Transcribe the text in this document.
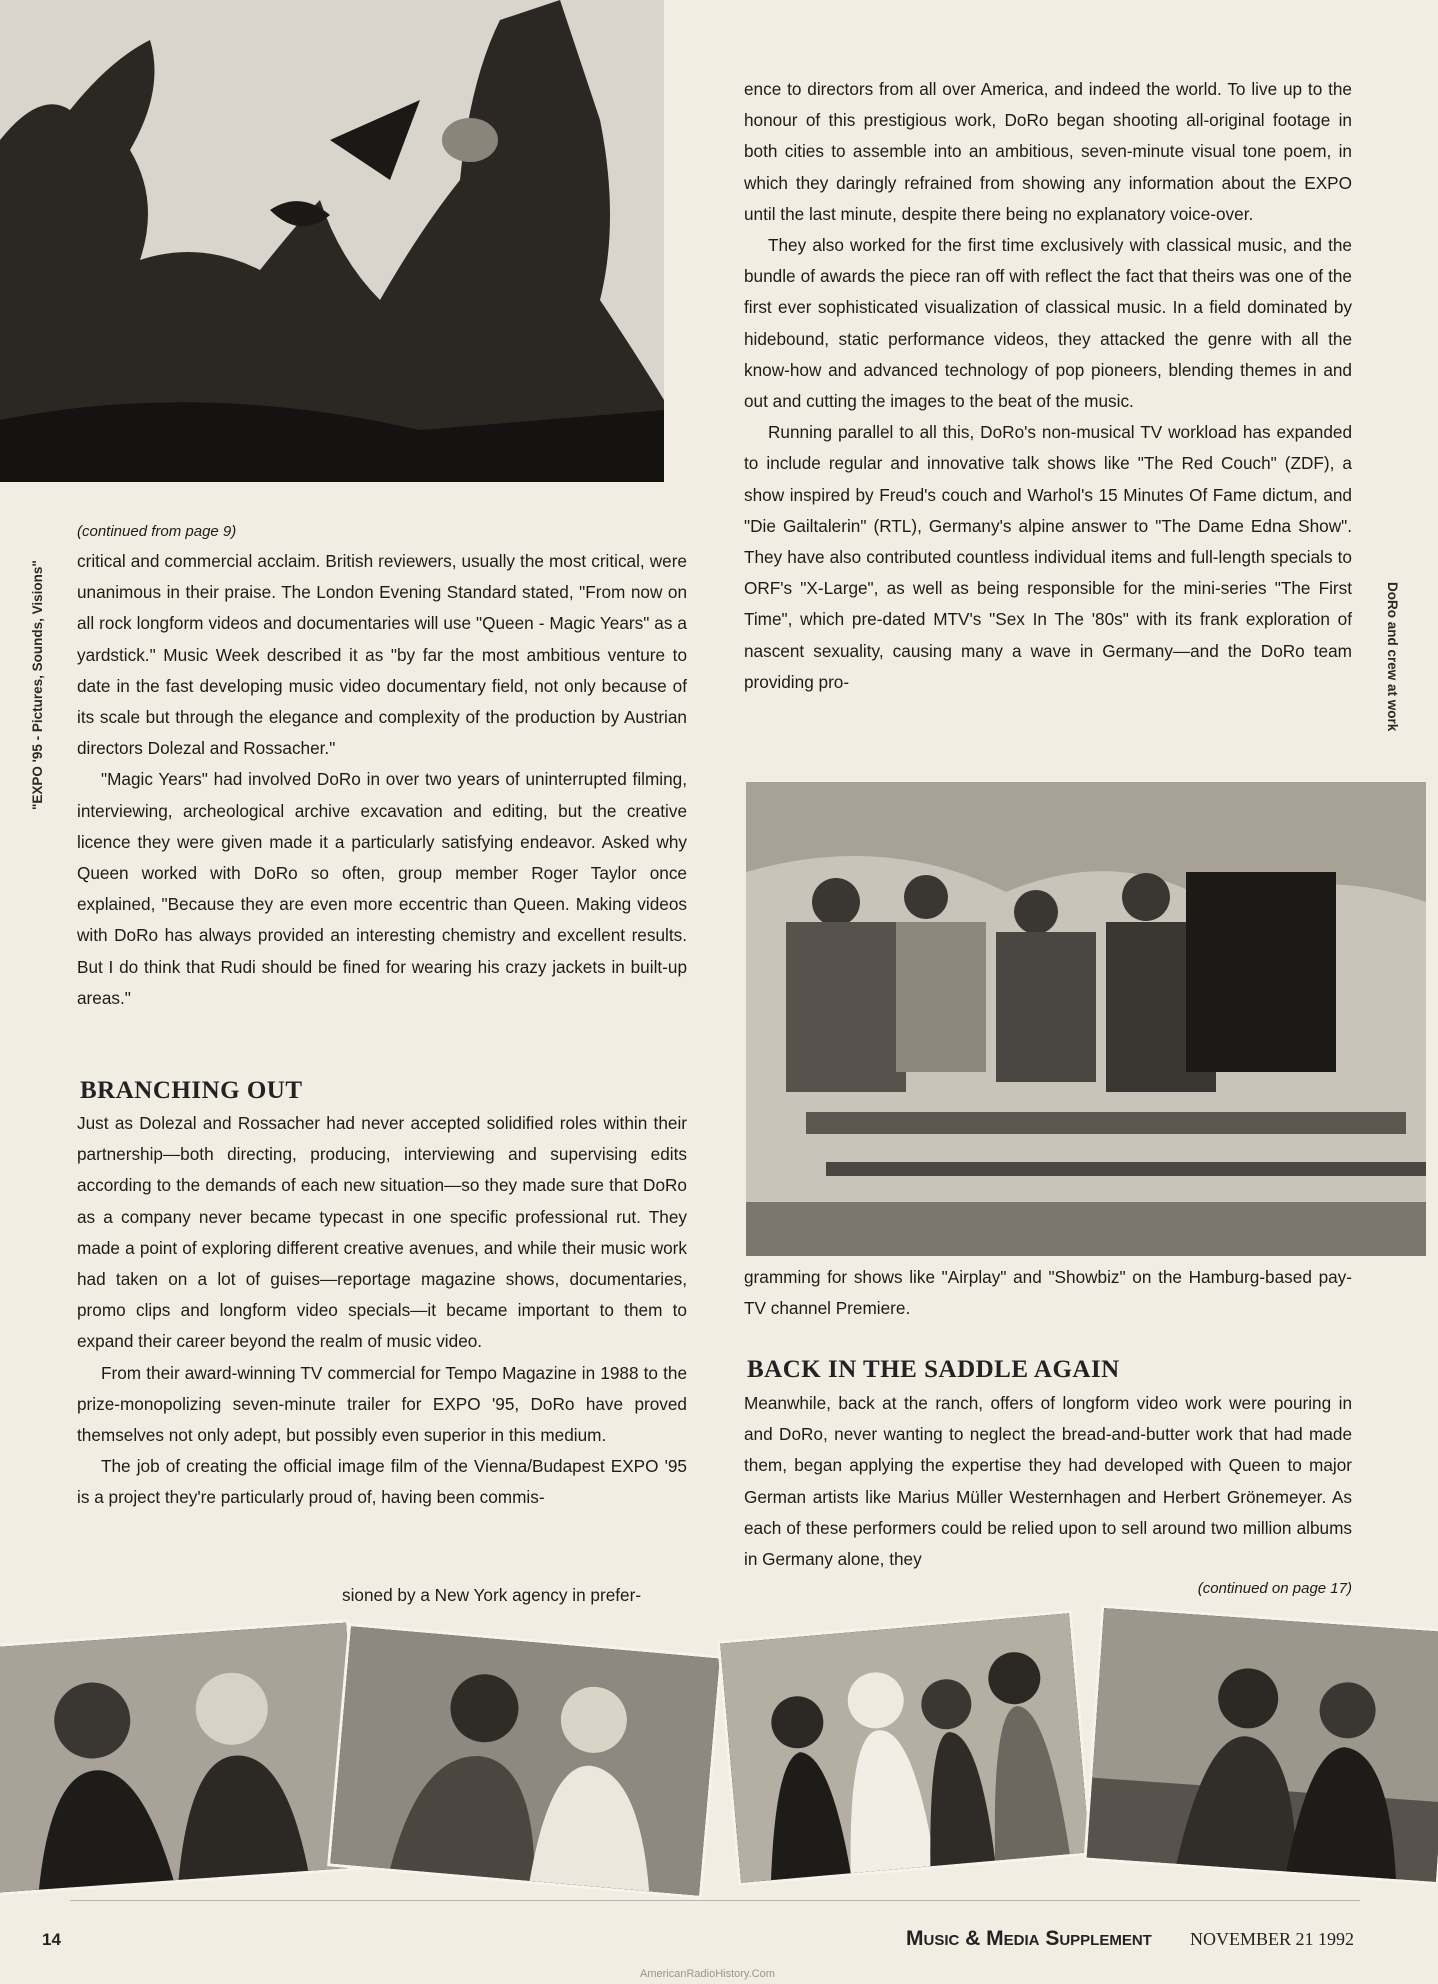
"EXPO '95 - Pictures, Sounds, Visions"

(continued from page 9)

critical and commercial acclaim. British reviewers, usually the most critical, were unanimous in their praise. The London Evening Standard stated, "From now on all rock longform videos and documentaries will use "Queen - Magic Years" as a yardstick." Music Week described it as "by far the most ambitious venture to date in the fast developing music video documentary field, not only because of its scale but through the elegance and complexity of the production by Austrian directors Dolezal and Rossacher."

"Magic Years" had involved DoRo in over two years of uninterrupted filming, interviewing, archeological archive excavation and editing, but the creative licence they were given made it a particularly satisfying endeavor. Asked why Queen worked with DoRo so often, group member Roger Taylor once explained, "Because they are even more eccentric than Queen. Making videos with DoRo has always provided an interesting chemistry and excellent results. But I do think that Rudi should be fined for wearing his crazy jackets in built-up areas."

BRANCHING OUT

Just as Dolezal and Rossacher had never accepted solidified roles within their partnership—both directing, producing, interviewing and supervising edits according to the demands of each new situation—so they made sure that DoRo as a company never became typecast in one specific professional rut. They made a point of exploring different creative avenues, and while their music work had taken on a lot of guises—reportage magazine shows, documentaries, promo clips and longform video specials—it became important to them to expand their career beyond the realm of music video.

From their award-winning TV commercial for Tempo Magazine in 1988 to the prize-monopolizing seven-minute trailer for EXPO '95, DoRo have proved themselves not only adept, but possibly even superior in this medium.

The job of creating the official image film of the Vienna/Budapest EXPO '95 is a project they're particularly proud of, having been commis-

sioned by a New York agency in prefer-

ence to directors from all over America, and indeed the world. To live up to the honour of this prestigious work, DoRo began shooting all-original footage in both cities to assemble into an ambitious, seven-minute visual tone poem, in which they daringly refrained from showing any information about the EXPO until the last minute, despite there being no explanatory voice-over.

They also worked for the first time exclusively with classical music, and the bundle of awards the piece ran off with reflect the fact that theirs was one of the first ever sophisticated visualization of classical music. In a field dominated by hidebound, static performance videos, they attacked the genre with all the know-how and advanced technology of pop pioneers, blending themes in and out and cutting the images to the beat of the music.

Running parallel to all this, DoRo's non-musical TV workload has expanded to include regular and innovative talk shows like "The Red Couch" (ZDF), a show inspired by Freud's couch and Warhol's 15 Minutes Of Fame dictum, and "Die Gailtalerin" (RTL), Germany's alpine answer to "The Dame Edna Show". They have also contributed countless individual items and full-length specials to ORF's "X-Large", as well as being responsible for the mini-series "The First Time", which pre-dated MTV's "Sex In The '80s" with its frank exploration of nascent sexuality, causing many a wave in Germany—and the DoRo team providing pro-	DoRo and crew at work

gramming for shows like "Airplay" and "Showbiz" on the Hamburg-based pay-TV channel Premiere.

BACK IN THE SADDLE AGAIN

Meanwhile, back at the ranch, offers of longform video work were pouring in and DoRo, never wanting to neglect the bread-and-butter work that had made them, began applying the expertise they had developed with Queen to major German artists like Marius Müller Westernhagen and Herbert Grönemeyer. As each of these performers could be relied upon to sell around two million albums in Germany alone, they

(continued on page 17)

14	Music & Media Supplement NOVEMBER 21 1992
AmericanRadioHistory.Com
